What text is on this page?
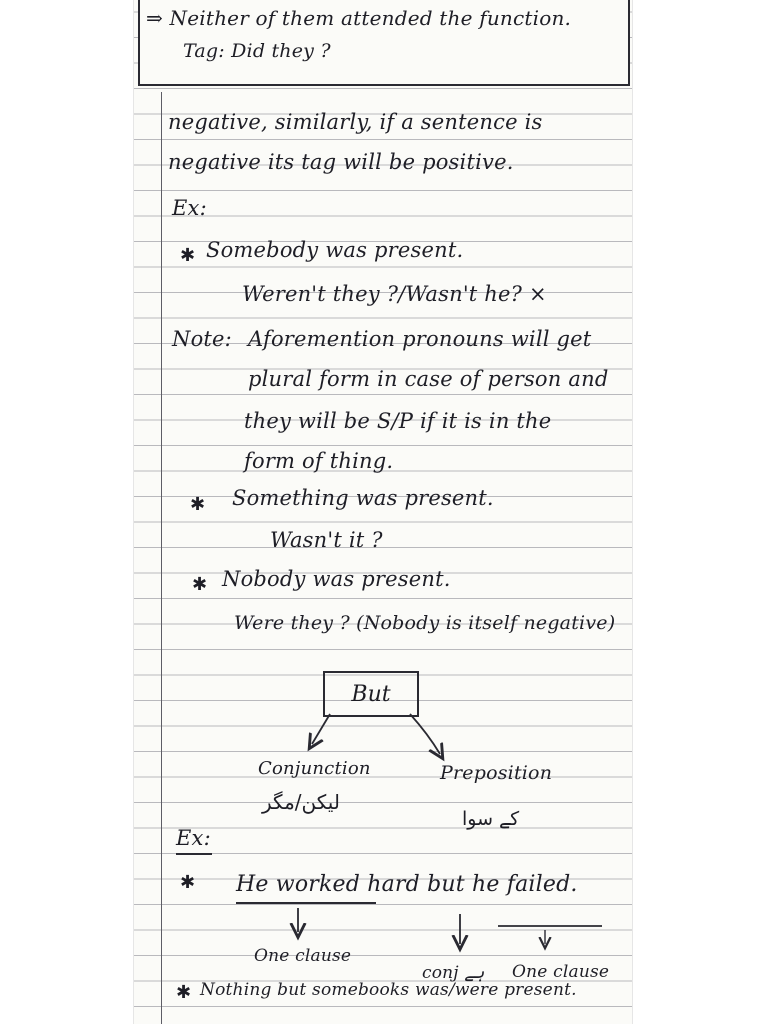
⇒ Neither of them attended the function.
Tag: Did they ?
negative, similarly, if a sentence is
negative its tag will be positive.
Ex:
✱ Somebody was present.
Weren't they ?/Wasn't he? ×
Note: Aforemention pronouns will get
plural form in case of person and
they will be S/P if it is in the
form of thing.
✱ Something was present.
Wasn't it ?
✱ Nobody was present.
Were they ? (Nobody is itself negative)
But
Conjunction
لیکن/مگر
Preposition
کے سوا
Ex:
✱ He worked hard but he failed.
One clause
conj ہے One clause
✱ Nothing but somebooks was/were present.
